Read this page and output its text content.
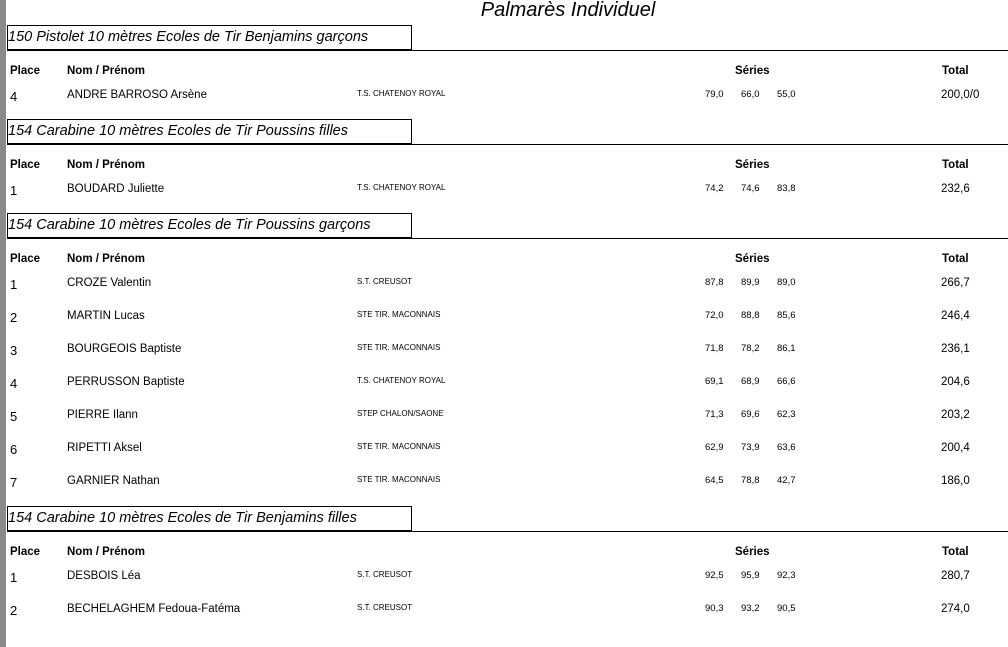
Palmarès Individuel
150 Pistolet 10 mètres Ecoles de Tir Benjamins garçons
Place Nom / Prénom	Séries	Total
4	ANDRE BARROSO Arsène	T.S. CHATENOY ROYAL	79,0 66,0 55,0	200,0/0
154 Carabine 10 mètres Ecoles de Tir Poussins filles
Place Nom / Prénom	Séries	Total
1	BOUDARD Juliette	T.S. CHATENOY ROYAL	74,2 74,6 83,8	232,6
154 Carabine 10 mètres Ecoles de Tir Poussins garçons
Place Nom / Prénom	Séries	Total
1	CROZE Valentin	S.T. CREUSOT	87,8 89,9 89,0	266,7
2	MARTIN Lucas	STE TIR. MACONNAIS	72,0 88,8 85,6	246,4
3	BOURGEOIS Baptiste	STE TIR. MACONNAIS	71,8 78,2 86,1	236,1
4	PERRUSSON Baptiste	T.S. CHATENOY ROYAL	69,1 68,9 66,6	204,6
5	PIERRE Ilann	STEP CHALON/SAONE	71,3 69,6 62,3	203,2
6	RIPETTI Aksel	STE TIR. MACONNAIS	62,9 73,9 63,6	200,4
7	GARNIER Nathan	STE TIR. MACONNAIS	64,5 78,8 42,7	186,0
154 Carabine 10 mètres Ecoles de Tir Benjamins filles
Place Nom / Prénom	Séries	Total
1	DESBOIS Léa	S.T. CREUSOT	92,5 95,9 92,3	280,7
2	BECHELAGHEM Fedoua-Fatéma	S.T. CREUSOT	90,3 93,2 90,5	274,0
